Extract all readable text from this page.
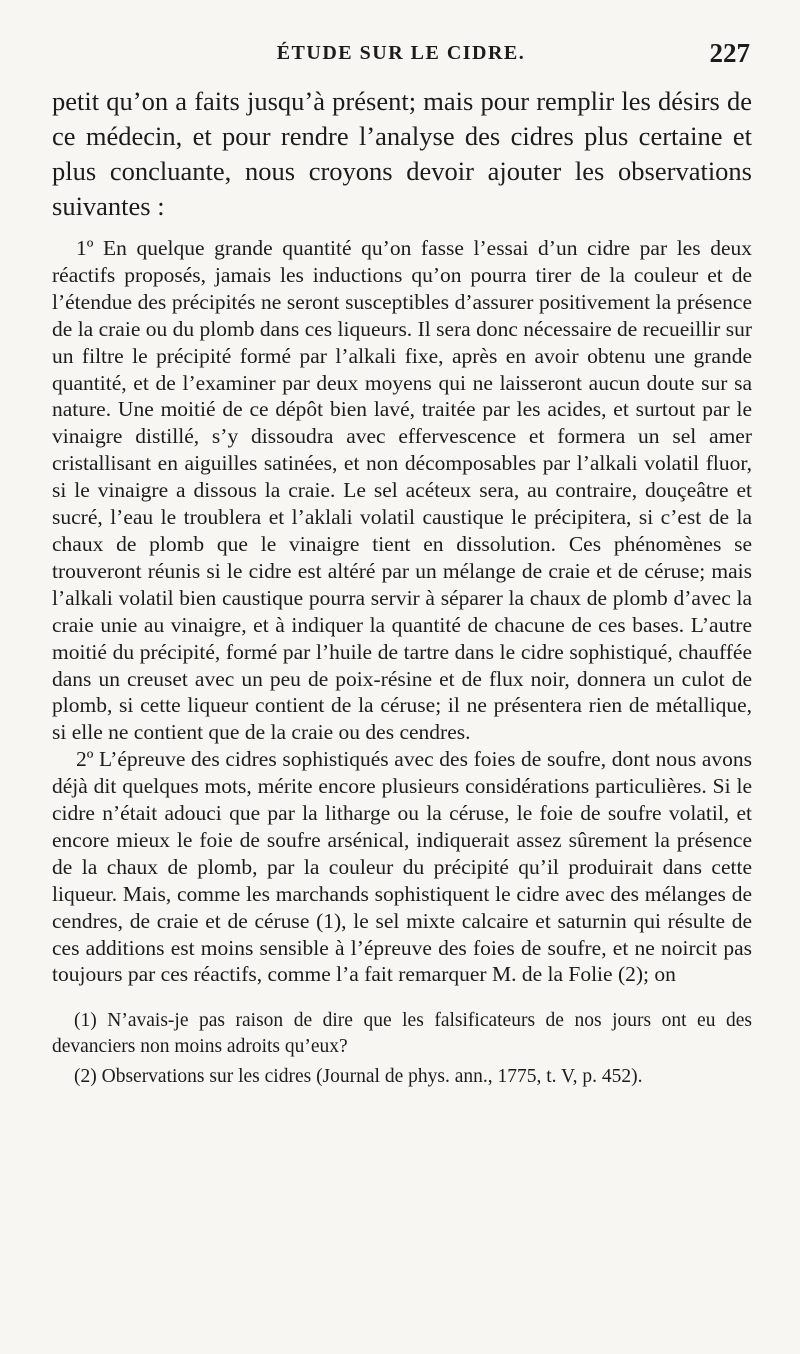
ÉTUDE SUR LE CIDRE.	227

petit qu’on a faits jusqu’à présent; mais pour remplir les désirs de ce médecin, et pour rendre l’analyse des cidres plus certaine et plus concluante, nous croyons devoir ajouter les observations suivantes :

1º En quelque grande quantité qu’on fasse l’essai d’un cidre par les deux réactifs proposés, jamais les inductions qu’on pourra tirer de la couleur et de l’étendue des précipités ne seront susceptibles d’assurer positivement la présence de la craie ou du plomb dans ces liqueurs. Il sera donc nécessaire de recueillir sur un filtre le précipité formé par l’alkali fixe, après en avoir obtenu une grande quantité, et de l’examiner par deux moyens qui ne laisseront aucun doute sur sa nature. Une moitié de ce dépôt bien lavé, traitée par les acides, et surtout par le vinaigre distillé, s’y dissoudra avec effervescence et formera un sel amer cristallisant en aiguilles satinées, et non décomposables par l’alkali volatil fluor, si le vinaigre a dissous la craie. Le sel acéteux sera, au contraire, douçeâtre et sucré, l’eau le troublera et l’aklali volatil caustique le précipitera, si c’est de la chaux de plomb que le vinaigre tient en dissolution. Ces phénomènes se trouveront réunis si le cidre est altéré par un mélange de craie et de céruse; mais l’alkali volatil bien caustique pourra servir à séparer la chaux de plomb d’avec la craie unie au vinaigre, et à indiquer la quantité de chacune de ces bases. L’autre moitié du précipité, formé par l’huile de tartre dans le cidre sophistiqué, chauffée dans un creuset avec un peu de poix-résine et de flux noir, donnera un culot de plomb, si cette liqueur contient de la céruse; il ne présentera rien de métallique, si elle ne contient que de la craie ou des cendres.

2º L’épreuve des cidres sophistiqués avec des foies de soufre, dont nous avons déjà dit quelques mots, mérite encore plusieurs considérations particulières. Si le cidre n’était adouci que par la litharge ou la céruse, le foie de soufre volatil, et encore mieux le foie de soufre arsénical, indiquerait assez sûrement la présence de la chaux de plomb, par la couleur du précipité qu’il produirait dans cette liqueur. Mais, comme les marchands sophistiquent le cidre avec des mélanges de cendres, de craie et de céruse (1), le sel mixte calcaire et saturnin qui résulte de ces additions est moins sensible à l’épreuve des foies de soufre, et ne noircit pas toujours par ces réactifs, comme l’a fait remarquer M. de la Folie (2); on

(1) N’avais-je pas raison de dire que les falsificateurs de nos jours ont eu des devanciers non moins adroits qu’eux?

(2) Observations sur les cidres (Journal de phys. ann., 1775, t. V, p. 452).
